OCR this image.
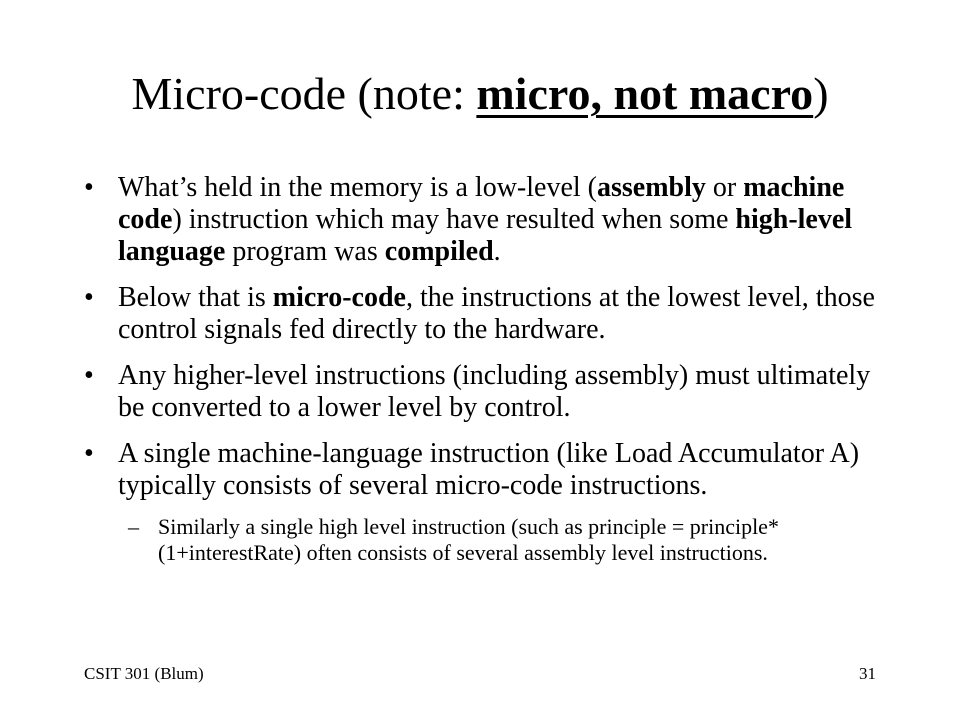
Micro-code (note: micro, not macro)
• What’s held in the memory is a low-level (assembly or machine code) instruction which may have resulted when some high-level language program was compiled.
• Below that is micro-code, the instructions at the lowest level, those control signals fed directly to the hardware.
• Any higher-level instructions (including assembly) must ultimately be converted to a lower level by control.
• A single machine-language instruction (like Load Accumulator A) typically consists of several micro-code instructions.
– Similarly a single high level instruction (such as principle = principle*(1+interestRate) often consists of several assembly level instructions.
CSIT 301 (Blum)	31
